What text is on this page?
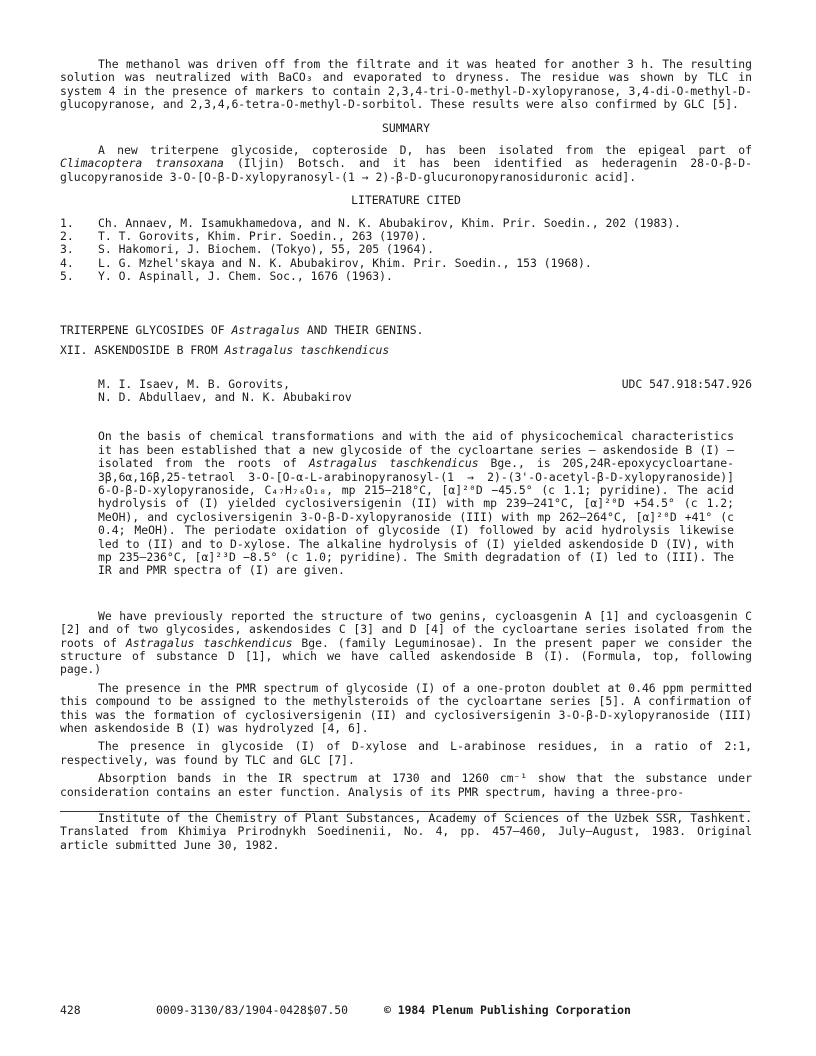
The methanol was driven off from the filtrate and it was heated for another 3 h. The resulting solution was neutralized with BaCO₃ and evaporated to dryness. The residue was shown by TLC in system 4 in the presence of markers to contain 2,3,4-tri-O-methyl-D-xylopyranose, 3,4-di-O-methyl-D-glucopyranose, and 2,3,4,6-tetra-O-methyl-D-sorbitol. These results were also confirmed by GLC [5].

SUMMARY

A new triterpene glycoside, copteroside D, has been isolated from the epigeal part of Climacoptera transoxana (Iljin) Botsch. and it has been identified as hederagenin 28-O-β-D-glucopyranoside 3-O-[O-β-D-xylopyranosyl-(1 → 2)-β-D-glucuronopyranosiduronic acid].

LITERATURE CITED
1.	Ch. Annaev, M. Isamukhamedova, and N. K. Abubakirov, Khim. Prir. Soedin., 202 (1983).
2.	T. T. Gorovits, Khim. Prir. Soedin., 263 (1970).
3.	S. Hakomori, J. Biochem. (Tokyo), 55, 205 (1964).
4.	L. G. Mzhel'skaya and N. K. Abubakirov, Khim. Prir. Soedin., 153 (1968).
5.	Y. O. Aspinall, J. Chem. Soc., 1676 (1963).
TRITERPENE GLYCOSIDES OF Astragalus AND THEIR GENINS.
XII. ASKENDOSIDE B FROM Astragalus taschkendicus
M. I. Isaev, M. B. Gorovits,	UDC 547.918:547.926
N. D. Abdullaev, and N. K. Abubakirov

On the basis of chemical transformations and with the aid of physicochemical characteristics it has been established that a new glycoside of the cycloartane series — askendoside B (I) — isolated from the roots of Astragalus taschkendicus Bge., is 20S,24R-epoxycycloartane-3β,6α,16β,25-tetraol 3-O-[O-α-L-arabinopyranosyl-(1 → 2)-(3'-O-acetyl-β-D-xylopyranoside)] 6-O-β-D-xylopyranoside, C₄₇H₇₆O₁₈, mp 215–218°C, [α]²⁰D −45.5° (c 1.1; pyridine). The acid hydrolysis of (I) yielded cyclosiversigenin (II) with mp 239–241°C, [α]²⁰D +54.5° (c 1.2; MeOH), and cyclosiversigenin 3-O-β-D-xylopyranoside (III) with mp 262–264°C, [α]²⁰D +41° (c 0.4; MeOH). The periodate oxidation of glycoside (I) followed by acid hydrolysis likewise led to (II) and to D-xylose. The alkaline hydrolysis of (I) yielded askendoside D (IV), with mp 235–236°C, [α]²³D −8.5° (c 1.0; pyridine). The Smith degradation of (I) led to (III). The IR and PMR spectra of (I) are given.

We have previously reported the structure of two genins, cycloasgenin A [1] and cycloasgenin C [2] and of two glycosides, askendosides C [3] and D [4] of the cycloartane series isolated from the roots of Astragalus taschkendicus Bge. (family Leguminosae). In the present paper we consider the structure of substance D [1], which we have called askendoside B (I). (Formula, top, following page.)

The presence in the PMR spectrum of glycoside (I) of a one-proton doublet at 0.46 ppm permitted this compound to be assigned to the methylsteroids of the cycloartane series [5]. A confirmation of this was the formation of cyclosiversigenin (II) and cyclosiversigenin 3-O-β-D-xylopyranoside (III) when askendoside B (I) was hydrolyzed [4, 6].

The presence in glycoside (I) of D-xylose and L-arabinose residues, in a ratio of 2:1, respectively, was found by TLC and GLC [7].

Absorption bands in the IR spectrum at 1730 and 1260 cm⁻¹ show that the substance under consideration contains an ester function. Analysis of its PMR spectrum, having a three-pro-

Institute of the Chemistry of Plant Substances, Academy of Sciences of the Uzbek SSR, Tashkent. Translated from Khimiya Prirodnykh Soedinenii, No. 4, pp. 457–460, July–August, 1983. Original article submitted June 30, 1982.

428	0009-3130/83/1904-0428$07.50	© 1984 Plenum Publishing Corporation
